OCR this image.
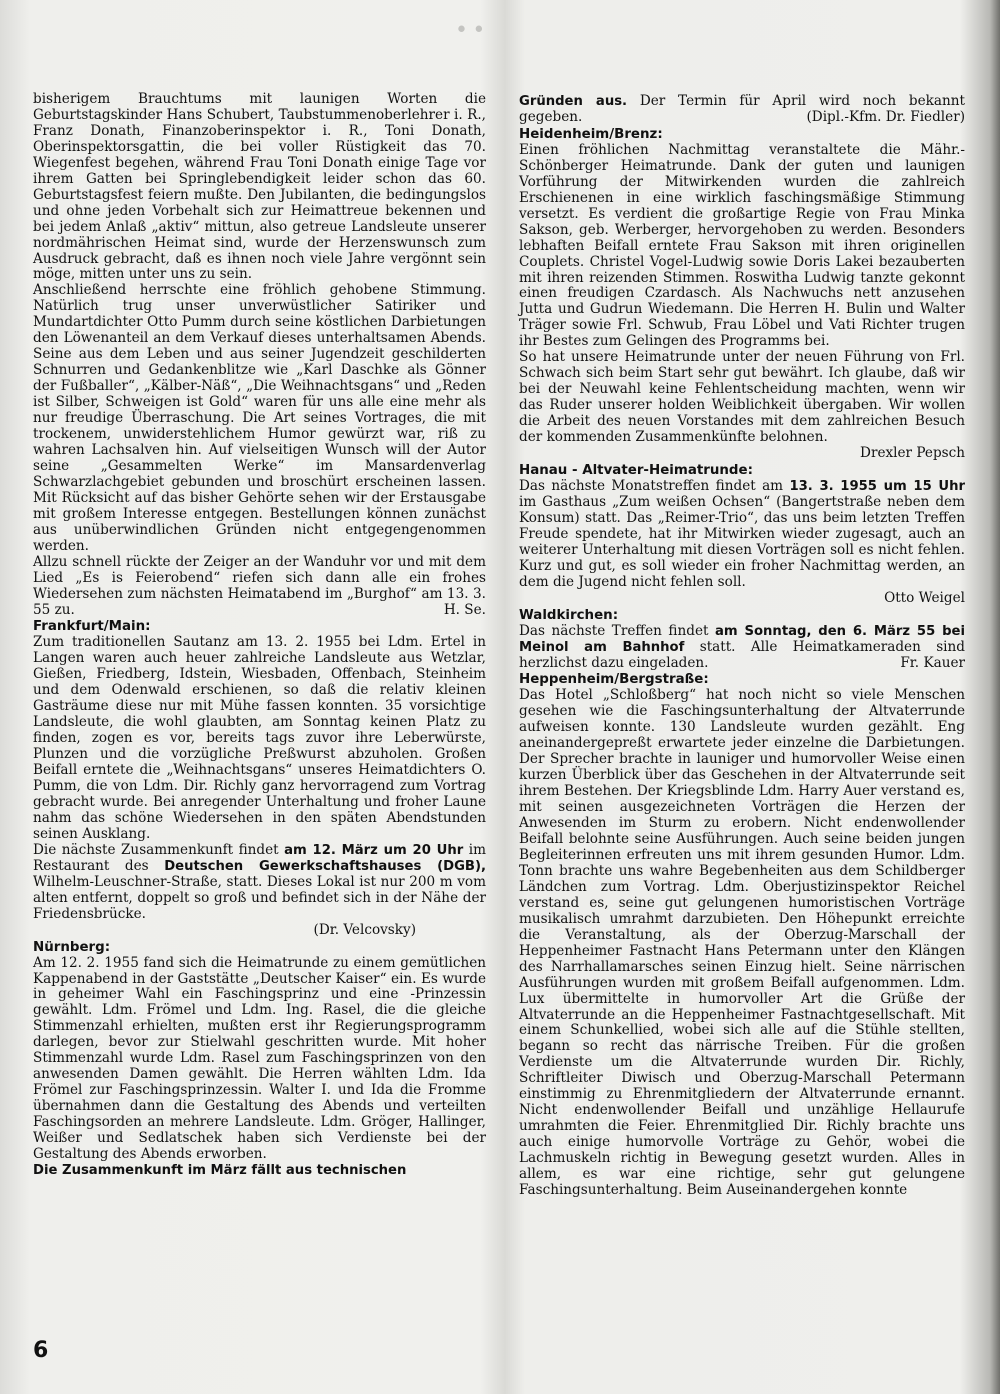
• •

bisherigem Brauchtums mit launigen Worten die Geburtstagskinder Hans Schubert, Taubstummenoberlehrer i. R., Franz Donath, Finanzoberinspektor i. R., Toni Donath, Oberinspektorsgattin, die bei voller Rüstigkeit das 70. Wiegenfest begehen, während Frau Toni Donath einige Tage vor ihrem Gatten bei Springlebendigkeit leider schon das 60. Geburtstagsfest feiern mußte. Den Jubilanten, die bedingungslos und ohne jeden Vorbehalt sich zur Heimattreue bekennen und bei jedem Anlaß „aktiv“ mittun, also getreue Landsleute unserer nordmährischen Heimat sind, wurde der Herzenswunsch zum Ausdruck gebracht, daß es ihnen noch viele Jahre vergönnt sein möge, mitten unter uns zu sein.

Anschließend herrschte eine fröhlich gehobene Stimmung. Natürlich trug unser unverwüstlicher Satiriker und Mundartdichter Otto Pumm durch seine köstlichen Darbietungen den Löwenanteil an dem Verkauf dieses unterhaltsamen Abends. Seine aus dem Leben und aus seiner Jugendzeit geschilderten Schnurren und Gedankenblitze wie „Karl Daschke als Gönner der Fußballer“, „Kälber-Näß“, „Die Weihnachtsgans“ und „Reden ist Silber, Schweigen ist Gold“ waren für uns alle eine mehr als nur freudige Überraschung. Die Art seines Vortrages, die mit trockenem, unwiderstehlichem Humor gewürzt war, riß zu wahren Lachsalven hin. Auf vielseitigen Wunsch will der Autor seine „Gesammelten Werke“ im Mansardenverlag Schwarzlachgebiet gebunden und broschürt erscheinen lassen. Mit Rücksicht auf das bisher Gehörte sehen wir der Erstausgabe mit großem Interesse entgegen. Bestellungen können zunächst aus unüberwindlichen Gründen nicht entgegengenommen werden.

Allzu schnell rückte der Zeiger an der Wanduhr vor und mit dem Lied „Es is Feierobend“ riefen sich dann alle ein frohes Wiedersehen zum nächsten Heimatabend im „Burghof“ am 13. 3. 55 zu.	H. Se.

Frankfurt/Main:

Zum traditionellen Sautanz am 13. 2. 1955 bei Ldm. Ertel in Langen waren auch heuer zahlreiche Landsleute aus Wetzlar, Gießen, Friedberg, Idstein, Wiesbaden, Offenbach, Steinheim und dem Odenwald erschienen, so daß die relativ kleinen Gasträume diese nur mit Mühe fassen konnten. 35 vorsichtige Landsleute, die wohl glaubten, am Sonntag keinen Platz zu finden, zogen es vor, bereits tags zuvor ihre Leberwürste, Plunzen und die vorzügliche Preßwurst abzuholen. Großen Beifall erntete die „Weihnachtsgans“ unseres Heimatdichters O. Pumm, die von Ldm. Dir. Richly ganz hervorragend zum Vortrag gebracht wurde. Bei anregender Unterhaltung und froher Laune nahm das schöne Wiedersehen in den späten Abendstunden seinen Ausklang.

Die nächste Zusammenkunft findet am 12. März um 20 Uhr im Restaurant des Deutschen Gewerkschaftshauses (DGB), Wilhelm-Leuschner-Straße, statt. Dieses Lokal ist nur 200 m vom alten entfernt, doppelt so groß und befindet sich in der Nähe der Friedensbrücke.

(Dr. Velcovsky)

Nürnberg:

Am 12. 2. 1955 fand sich die Heimatrunde zu einem gemütlichen Kappenabend in der Gaststätte „Deutscher Kaiser“ ein. Es wurde in geheimer Wahl ein Faschingsprinz und eine -Prinzessin gewählt. Ldm. Frömel und Ldm. Ing. Rasel, die die gleiche Stimmenzahl erhielten, mußten erst ihr Regierungsprogramm darlegen, bevor zur Stielwahl geschritten wurde. Mit hoher Stimmenzahl wurde Ldm. Rasel zum Faschingsprinzen von den anwesenden Damen gewählt. Die Herren wählten Ldm. Ida Frömel zur Faschingsprinzessin. Walter I. und Ida die Fromme übernahmen dann die Gestaltung des Abends und verteilten Faschingsorden an mehrere Landsleute. Ldm. Gröger, Hallinger, Weißer und Sedlatschek haben sich Verdienste bei der Gestaltung des Abends erworben.

Die Zusammenkunft im März fällt aus technischen

Gründen aus. Der Termin für April wird noch bekannt gegeben.	(Dipl.-Kfm. Dr. Fiedler)

Heidenheim/Brenz:

Einen fröhlichen Nachmittag veranstaltete die Mähr.-Schönberger Heimatrunde. Dank der guten und launigen Vorführung der Mitwirkenden wurden die zahlreich Erschienenen in eine wirklich faschingsmäßige Stimmung versetzt. Es verdient die großartige Regie von Frau Minka Sakson, geb. Werberger, hervorgehoben zu werden. Besonders lebhaften Beifall erntete Frau Sakson mit ihren originellen Couplets. Christel Vogel-Ludwig sowie Doris Lakei bezauberten mit ihren reizenden Stimmen. Roswitha Ludwig tanzte gekonnt einen freudigen Czardasch. Als Nachwuchs nett anzusehen Jutta und Gudrun Wiedemann. Die Herren H. Bulin und Walter Träger sowie Frl. Schwub, Frau Löbel und Vati Richter trugen ihr Bestes zum Gelingen des Programms bei.

So hat unsere Heimatrunde unter der neuen Führung von Frl. Schwach sich beim Start sehr gut bewährt. Ich glaube, daß wir bei der Neuwahl keine Fehlentscheidung machten, wenn wir das Ruder unserer holden Weiblichkeit übergaben. Wir wollen die Arbeit des neuen Vorstandes mit dem zahlreichen Besuch der kommenden Zusammenkünfte belohnen.

Drexler Pepsch

Hanau - Altvater-Heimatrunde:

Das nächste Monatstreffen findet am 13. 3. 1955 um 15 Uhr im Gasthaus „Zum weißen Ochsen“ (Bangertstraße neben dem Konsum) statt. Das „Reimer-Trio“, das uns beim letzten Treffen Freude spendete, hat ihr Mitwirken wieder zugesagt, auch an weiterer Unterhaltung mit diesen Vorträgen soll es nicht fehlen. Kurz und gut, es soll wieder ein froher Nachmittag werden, an dem die Jugend nicht fehlen soll.

Otto Weigel

Waldkirchen:

Das nächste Treffen findet am Sonntag, den 6. März 55 bei Meinol am Bahnhof statt. Alle Heimatkameraden sind herzlichst dazu eingeladen.	Fr. Kauer

Heppenheim/Bergstraße:

Das Hotel „Schloßberg“ hat noch nicht so viele Menschen gesehen wie die Faschingsunterhaltung der Altvaterrunde aufweisen konnte. 130 Landsleute wurden gezählt. Eng aneinandergepreßt erwartete jeder einzelne die Darbietungen. Der Sprecher brachte in launiger und humorvoller Weise einen kurzen Überblick über das Geschehen in der Altvaterrunde seit ihrem Bestehen. Der Kriegsblinde Ldm. Harry Auer verstand es, mit seinen ausgezeichneten Vorträgen die Herzen der Anwesenden im Sturm zu erobern. Nicht endenwollender Beifall belohnte seine Ausführungen. Auch seine beiden jungen Begleiterinnen erfreuten uns mit ihrem gesunden Humor. Ldm. Tonn brachte uns wahre Begebenheiten aus dem Schildberger Ländchen zum Vortrag. Ldm. Oberjustizinspektor Reichel verstand es, seine gut gelungenen humoristischen Vorträge musikalisch umrahmt darzubieten. Den Höhepunkt erreichte die Veranstaltung, als der Oberzug-Marschall der Heppenheimer Fastnacht Hans Petermann unter den Klängen des Narrhallamarsches seinen Einzug hielt. Seine närrischen Ausführungen wurden mit großem Beifall aufgenommen. Ldm. Lux übermittelte in humorvoller Art die Grüße der Altvaterrunde an die Heppenheimer Fastnachtgesellschaft. Mit einem Schunkellied, wobei sich alle auf die Stühle stellten, begann so recht das närrische Treiben. Für die großen Verdienste um die Altvaterrunde wurden Dir. Richly, Schriftleiter Diwisch und Oberzug-Marschall Petermann einstimmig zu Ehrenmitgliedern der Altvaterrunde ernannt. Nicht endenwollender Beifall und unzählige Hellaurufe umrahmten die Feier. Ehrenmitglied Dir. Richly brachte uns auch einige humorvolle Vorträge zu Gehör, wobei die Lachmuskeln richtig in Bewegung gesetzt wurden. Alles in allem, es war eine richtige, sehr gut gelungene Faschingsunterhaltung. Beim Auseinandergehen konnte

6
